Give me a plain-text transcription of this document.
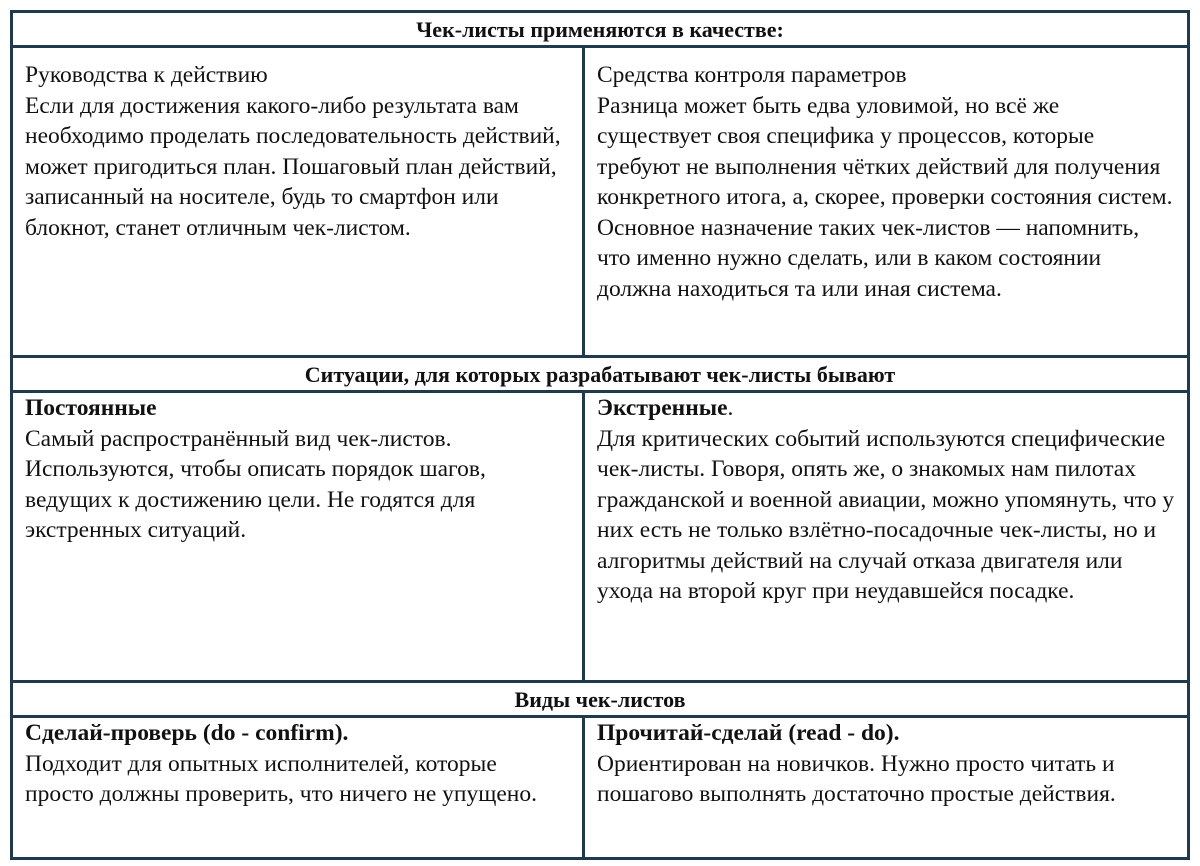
Чек-листы применяются в качестве:
Руководства к действию

Если для достижения какого-либо результата вам необходимо проделать последовательность действий, может пригодиться план. Пошаговый план действий, записанный на носителе, будь то смартфон или блокнот, станет отличным чек-листом.

Средства контроля параметров

Разница может быть едва уловимой, но всё же существует своя специфика у процессов, которые требуют не выполнения чётких действий для получения конкретного итога, а, скорее, проверки состояния систем.

Основное назначение таких чек-листов — напомнить, что именно нужно сделать, или в каком состоянии должна находиться та или иная система.

Ситуации, для которых разрабатывают чек-листы бывают
Постоянные

Самый распространённый вид чек-листов. Используются, чтобы описать порядок шагов, ведущих к достижению цели. Не годятся для экстренных ситуаций.

Экстренные.

Для критических событий используются специфические чек-листы. Говоря, опять же, о знакомых нам пилотах гражданской и военной авиации, можно упомянуть, что у них есть не только взлётно-посадочные чек-листы, но и алгоритмы действий на случай отказа двигателя или ухода на второй круг при неудавшейся посадке.

Виды чек-листов
Сделай-проверь (do - confirm).

Подходит для опытных исполнителей, которые просто должны проверить, что ничего не упущено.

Прочитай-сделай (read - do).

Ориентирован на новичков. Нужно просто читать и пошагово выполнять достаточно простые действия.
